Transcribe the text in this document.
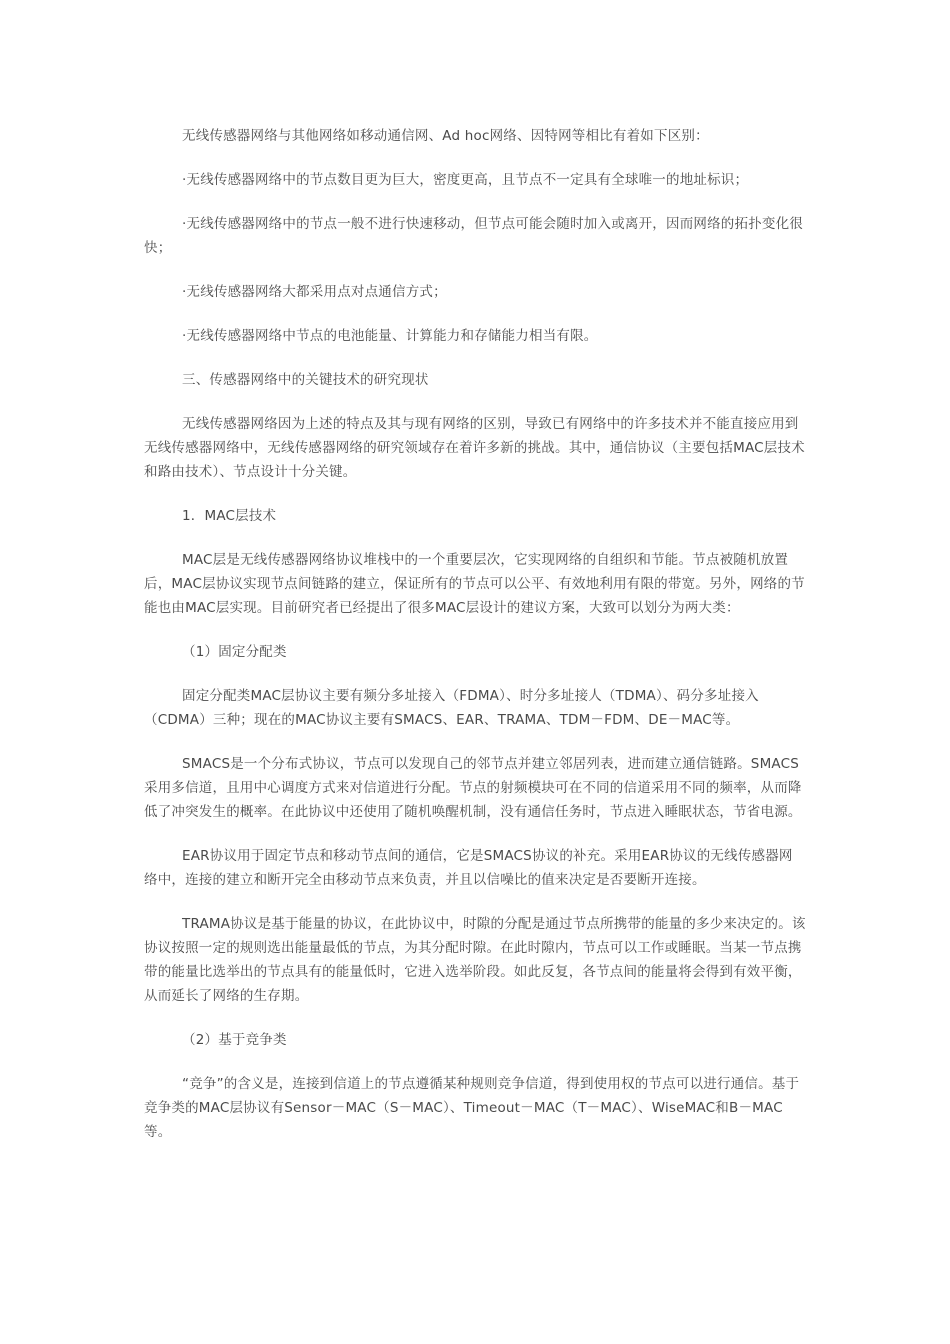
无线传感器网络与其他网络如移动通信网、Ad hoc网络、因特网等相比有着如下区别：

·无线传感器网络中的节点数目更为巨大，密度更高，且节点不一定具有全球唯一的地址标识；

·无线传感器网络中的节点一般不进行快速移动，但节点可能会随时加入或离开，因而网络的拓扑变化很快；

·无线传感器网络大都采用点对点通信方式；

·无线传感器网络中节点的电池能量、计算能力和存储能力相当有限。

三、传感器网络中的关键技术的研究现状

无线传感器网络因为上述的特点及其与现有网络的区别，导致已有网络中的许多技术并不能直接应用到无线传感器网络中，无线传感器网络的研究领域存在着许多新的挑战。其中，通信协议（主要包括MAC层技术和路由技术）、节点设计十分关键。

1．MAC层技术

MAC层是无线传感器网络协议堆栈中的一个重要层次，它实现网络的自组织和节能。节点被随机放置后，MAC层协议实现节点间链路的建立，保证所有的节点可以公平、有效地利用有限的带宽。另外，网络的节能也由MAC层实现。目前研究者已经提出了很多MAC层设计的建议方案，大致可以划分为两大类：

（1）固定分配类

固定分配类MAC层协议主要有频分多址接入（FDMA）、时分多址接人（TDMA）、码分多址接入（CDMA）三种；现在的MAC协议主要有SMACS、EAR、TRAMA、TDM－FDM、DE－MAC等。

SMACS是一个分布式协议，节点可以发现自己的邻节点并建立邻居列表，进而建立通信链路。SMACS采用多信道，且用中心调度方式来对信道进行分配。节点的射频模块可在不同的信道采用不同的频率，从而降低了冲突发生的概率。在此协议中还使用了随机唤醒机制，没有通信任务时，节点进入睡眠状态，节省电源。

EAR协议用于固定节点和移动节点间的通信，它是SMACS协议的补充。采用EAR协议的无线传感器网络中，连接的建立和断开完全由移动节点来负责，并且以信噪比的值来决定是否要断开连接。

TRAMA协议是基于能量的协议，在此协议中，时隙的分配是通过节点所携带的能量的多少来决定的。该协议按照一定的规则选出能量最低的节点，为其分配时隙。在此时隙内，节点可以工作或睡眠。当某一节点携带的能量比选举出的节点具有的能量低时，它进入选举阶段。如此反复，各节点间的能量将会得到有效平衡，从而延长了网络的生存期。

（2）基于竞争类

“竞争”的含义是，连接到信道上的节点遵循某种规则竞争信道，得到使用权的节点可以进行通信。基于竞争类的MAC层协议有Sensor－MAC（S－MAC）、Timeout－MAC（T－MAC）、WiseMAC和B－MAC等。
